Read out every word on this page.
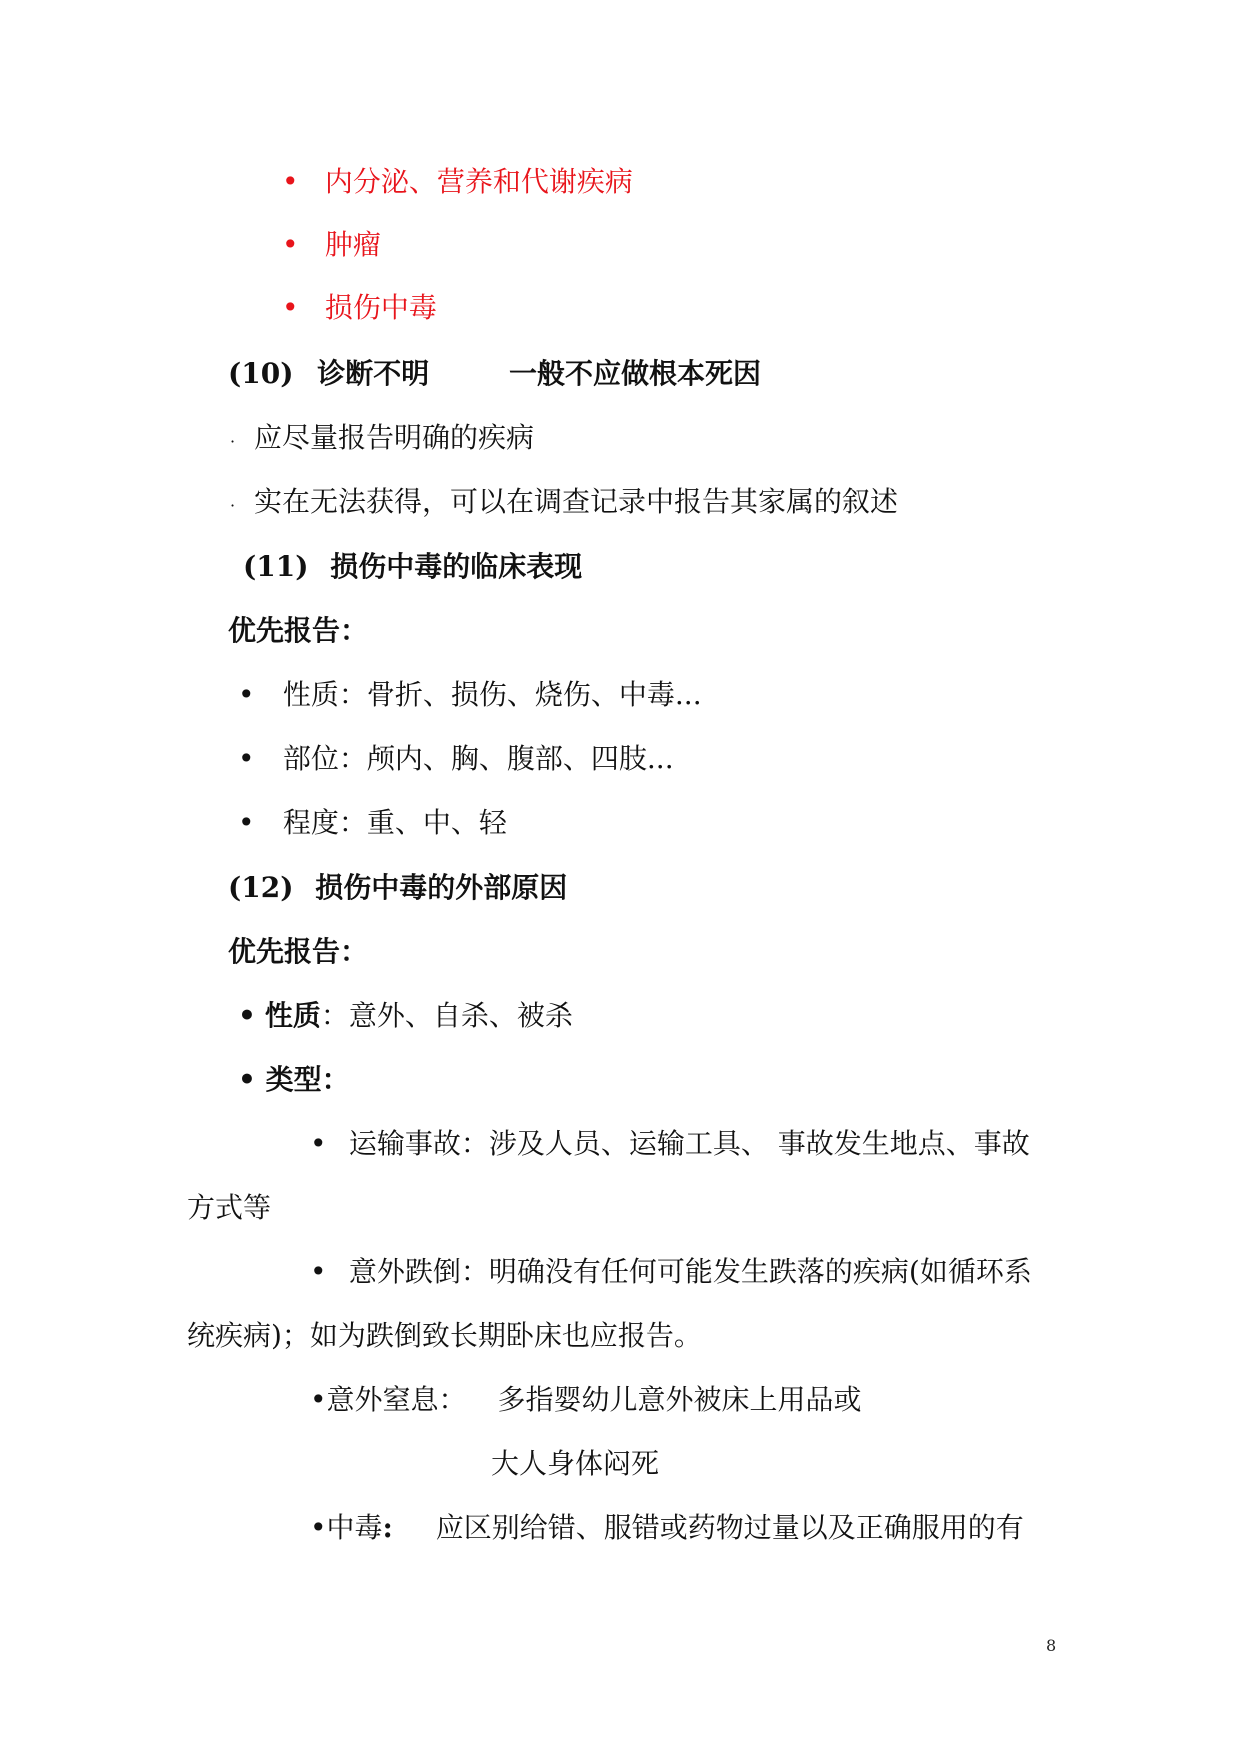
• 内分泌、营养和代谢疾病
• 肿瘤
• 损伤中毒
(10) 诊断不明	一般不应做根本死因
· 应尽量报告明确的疾病
· 实在无法获得，可以在调查记录中报告其家属的叙述
(11) 损伤中毒的临床表现
优先报告：
• 性质：骨折、损伤、烧伤、中毒...
• 部位：颅内、胸、腹部、四肢...
• 程度：重、中、轻
(12) 损伤中毒的外部原因
优先报告：
• 性质：意外、自杀、被杀
• 类型：
• 运输事故：涉及人员、运输工具、 事故发生地点、事故
方式等
• 意外跌倒：明确没有任何可能发生跌落的疾病(如循环系
统疾病)；如为跌倒致长期卧床也应报告。
•意外窒息： 多指婴幼儿意外被床上用品或
大人身体闷死
•中毒: 应区别给错、服错或药物过量以及正确服用的有
8
